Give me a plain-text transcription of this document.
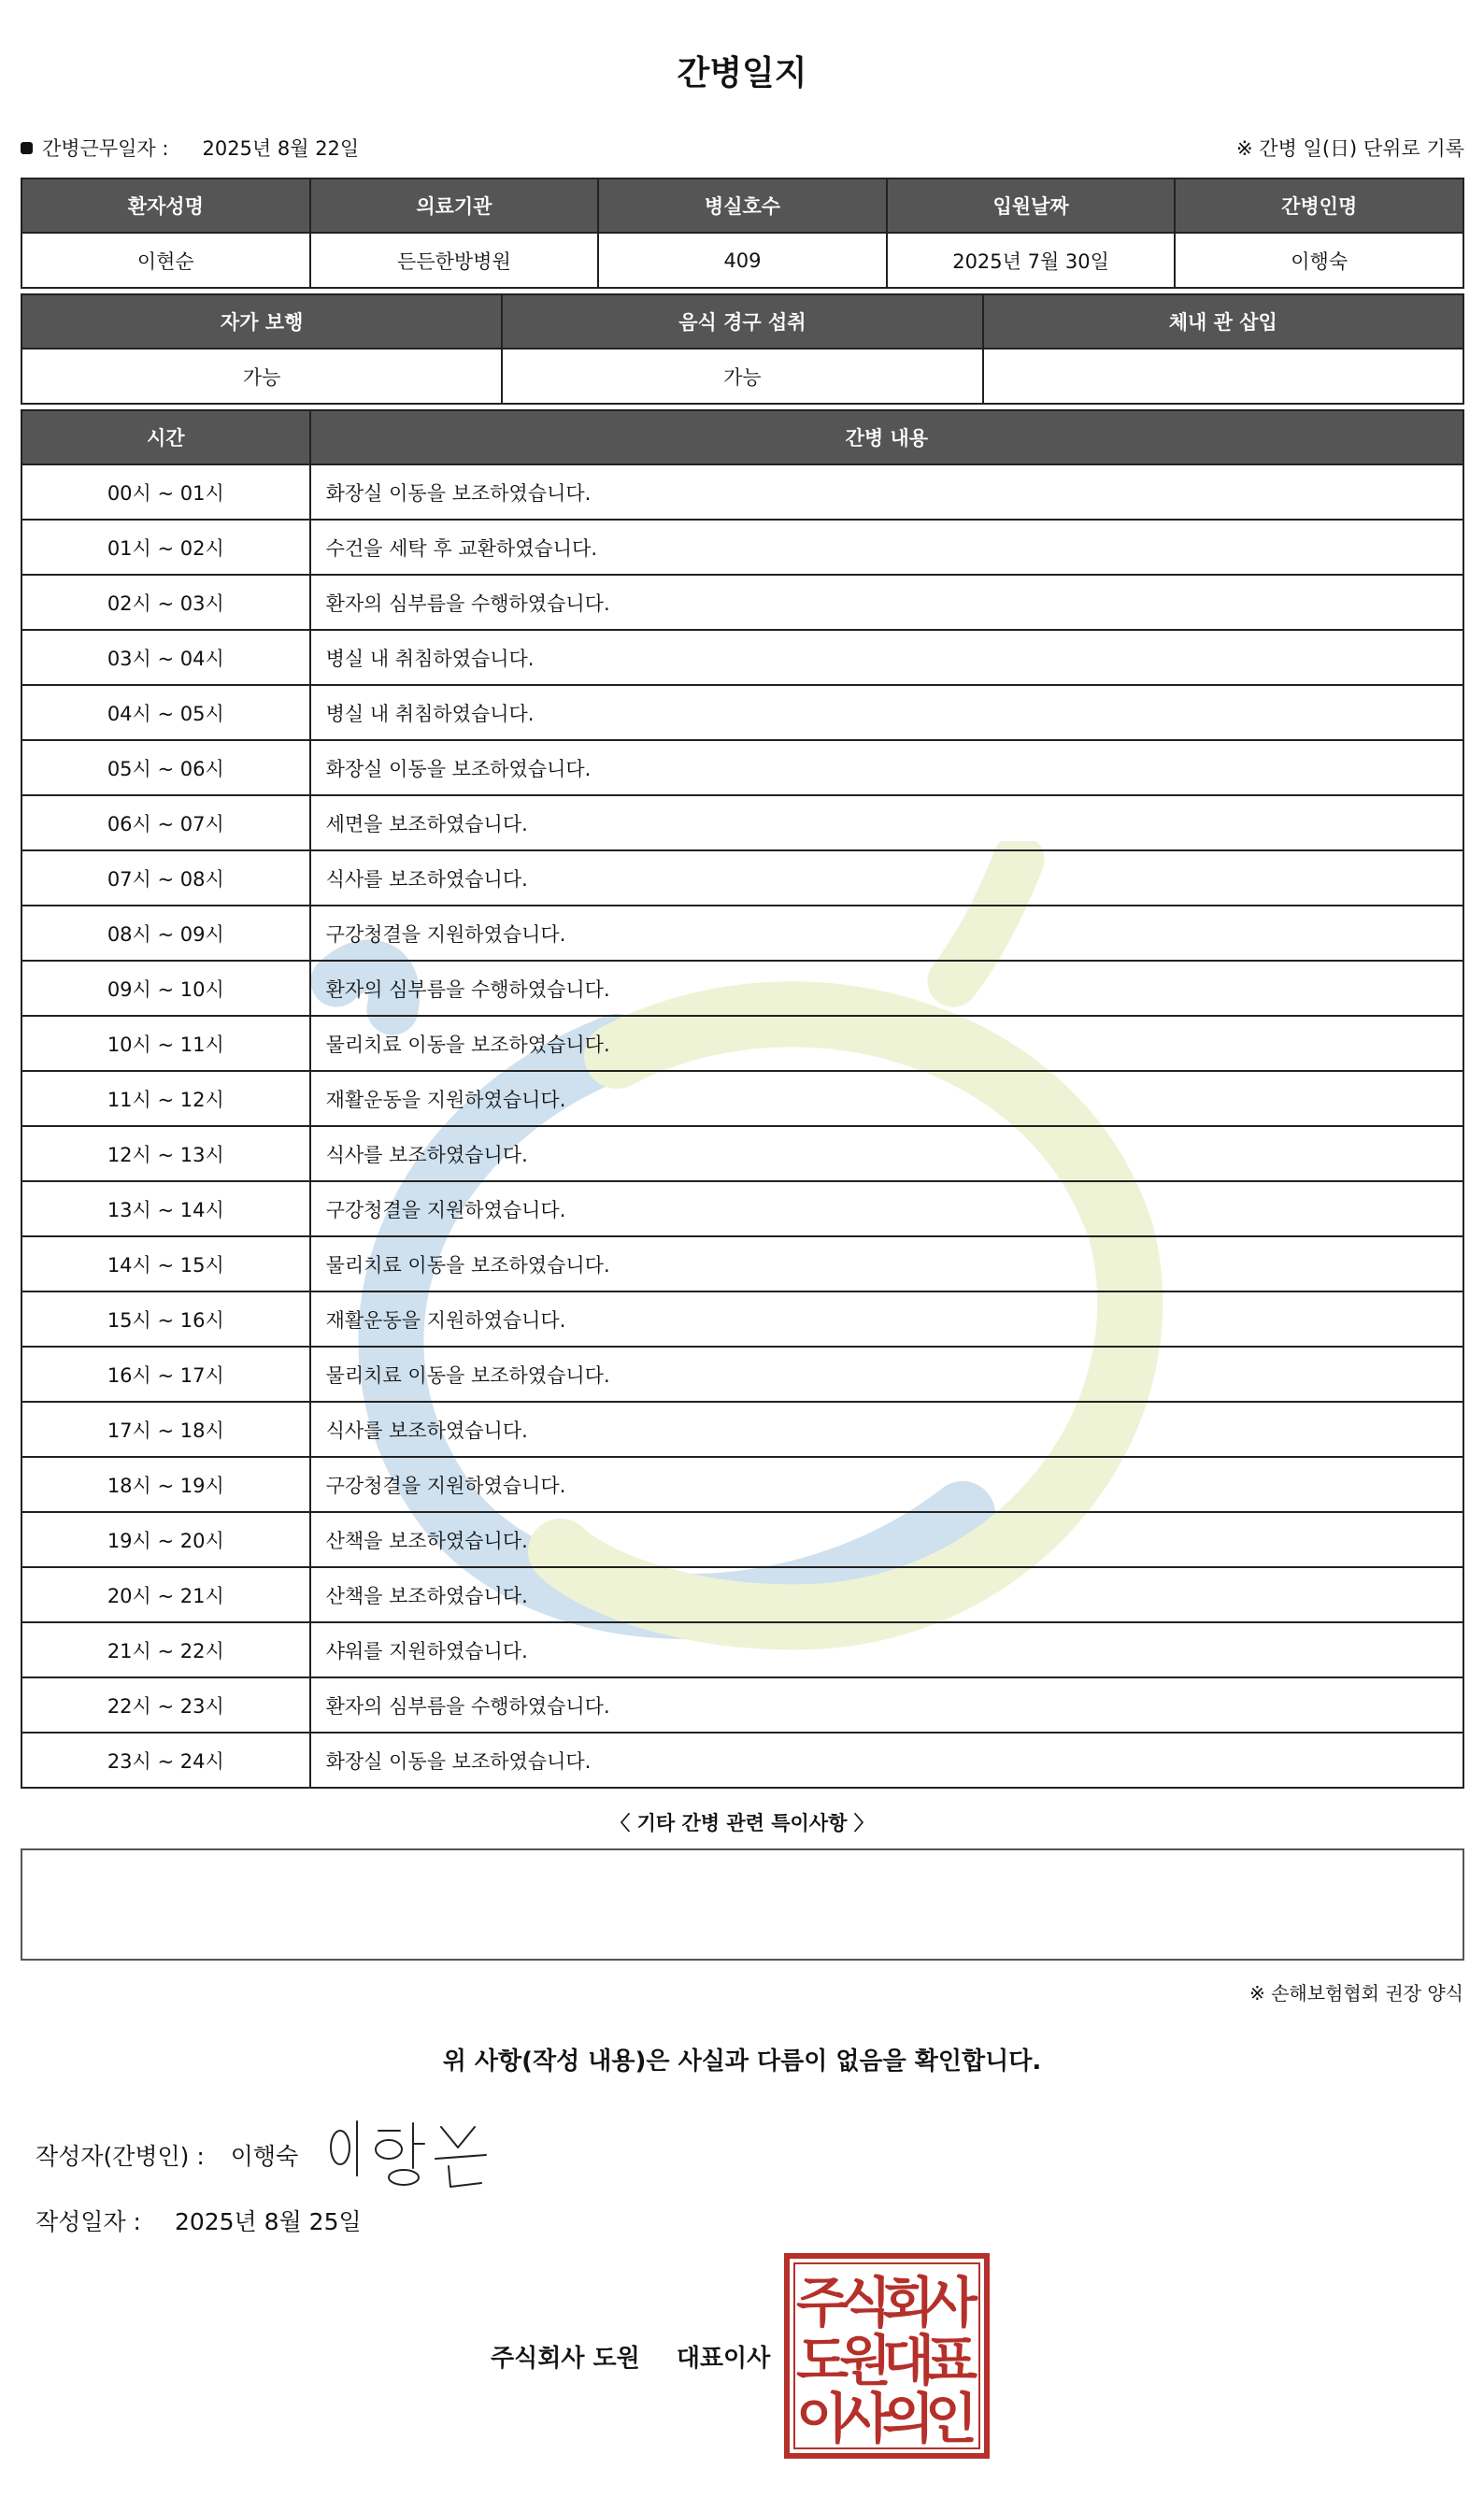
간병일지
간병근무일자 : 2025년 8월 22일	※ 간병 일(日) 단위로 기록
환자성명	의료기관	병실호수	입원날짜	간병인명
이현순	든든한방병원	409	2025년 7월 30일	이행숙
자가 보행	음식 경구 섭취	체내 관 삽입
가능	가능	
시간	간병 내용
00시 ~ 01시	화장실 이동을 보조하였습니다.
01시 ~ 02시	수건을 세탁 후 교환하였습니다.
02시 ~ 03시	환자의 심부름을 수행하였습니다.
03시 ~ 04시	병실 내 취침하였습니다.
04시 ~ 05시	병실 내 취침하였습니다.
05시 ~ 06시	화장실 이동을 보조하였습니다.
06시 ~ 07시	세면을 보조하였습니다.
07시 ~ 08시	식사를 보조하였습니다.
08시 ~ 09시	구강청결을 지원하였습니다.
09시 ~ 10시	환자의 심부름을 수행하였습니다.
10시 ~ 11시	물리치료 이동을 보조하였습니다.
11시 ~ 12시	재활운동을 지원하였습니다.
12시 ~ 13시	식사를 보조하였습니다.
13시 ~ 14시	구강청결을 지원하였습니다.
14시 ~ 15시	물리치료 이동을 보조하였습니다.
15시 ~ 16시	재활운동을 지원하였습니다.
16시 ~ 17시	물리치료 이동을 보조하였습니다.
17시 ~ 18시	식사를 보조하였습니다.
18시 ~ 19시	구강청결을 지원하였습니다.
19시 ~ 20시	산책을 보조하였습니다.
20시 ~ 21시	산책을 보조하였습니다.
21시 ~ 22시	샤워를 지원하였습니다.
22시 ~ 23시	환자의 심부름을 수행하였습니다.
23시 ~ 24시	화장실 이동을 보조하였습니다.
〈 기타 간병 관련 특이사항 〉
※ 손해보험협회 권장 양식
위 사항(작성 내용)은 사실과 다름이 없음을 확인합니다.
작성자(간병인) : 이행숙
작성일자 : 2025년 8월 25일
주식회사 도원 대표이사
주
식
회
사
도
원
대
표
이
사
의
인
